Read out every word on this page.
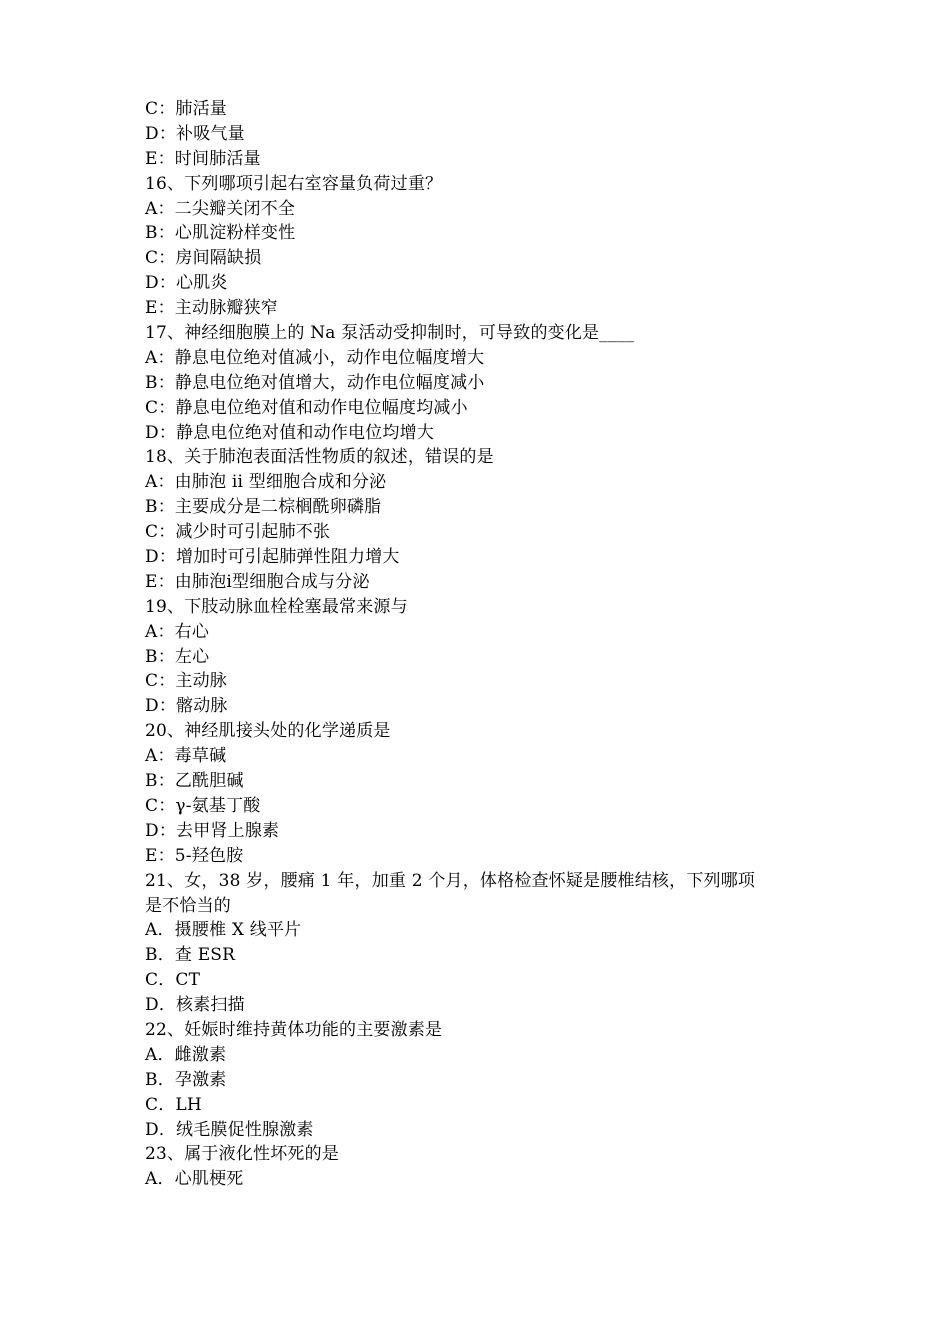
C：肺活量
D：补吸气量
E：时间肺活量
16、下列哪项引起右室容量负荷过重？
A：二尖瓣关闭不全
B：心肌淀粉样变性
C：房间隔缺损
D：心肌炎
E：主动脉瓣狭窄
17、神经细胞膜上的 Na 泵活动受抑制时，可导致的变化是____
A：静息电位绝对值减小，动作电位幅度增大
B：静息电位绝对值增大，动作电位幅度减小
C：静息电位绝对值和动作电位幅度均减小
D：静息电位绝对值和动作电位均增大
18、关于肺泡表面活性物质的叙述，错误的是
A：由肺泡 ii 型细胞合成和分泌
B：主要成分是二棕榈酰卵磷脂
C：减少时可引起肺不张
D：增加时可引起肺弹性阻力增大
E：由肺泡ⅰ型细胞合成与分泌
19、下肢动脉血栓栓塞最常来源与
A：右心
B：左心
C：主动脉
D：髂动脉
20、神经肌接头处的化学递质是
A：毒草碱
B：乙酰胆碱
C：γ-氨基丁酸
D：去甲肾上腺素
E：5-羟色胺
21、女，38 岁，腰痛 1 年，加重 2 个月，体格检查怀疑是腰椎结核，下列哪项
是不恰当的
A．摄腰椎 X 线平片
B．查 ESR
C．CT
D．核素扫描
22、妊娠时维持黄体功能的主要激素是
A．雌激素
B．孕激素
C．LH
D．绒毛膜促性腺激素
23、属于液化性坏死的是
A．心肌梗死
